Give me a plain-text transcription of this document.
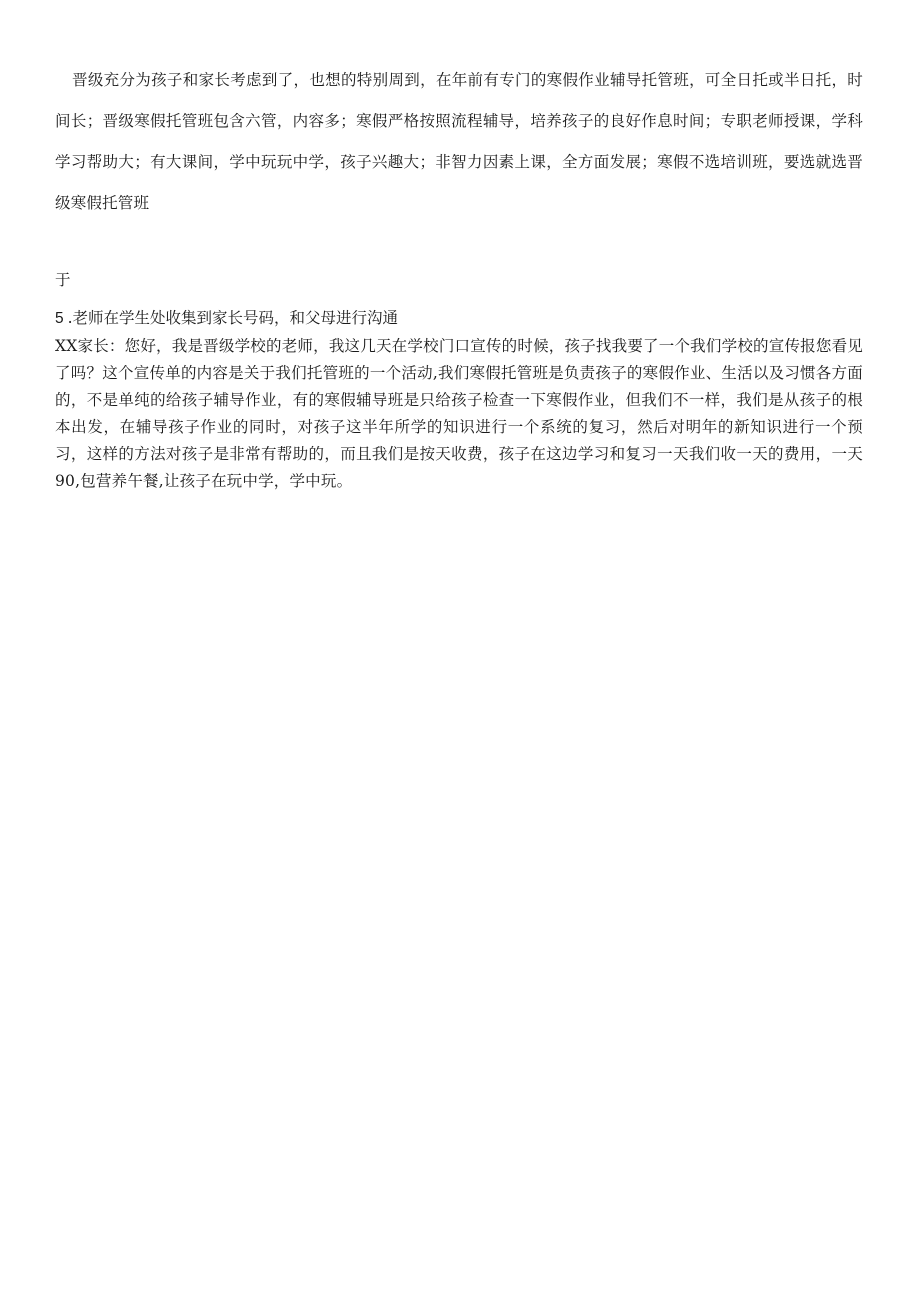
晋级充分为孩子和家长考虑到了，也想的特别周到，在年前有专门的寒假作业辅导托管班，可全日托或半日托，时间长；晋级寒假托管班包含六管，内容多；寒假严格按照流程辅导，培养孩子的良好作息时间；专职老师授课，学科学习帮助大；有大课间，学中玩玩中学，孩子兴趣大；非智力因素上课，全方面发展；寒假不选培训班，要选就选晋级寒假托管班

于

5 .老师在学生处收集到家长号码，和父母进行沟通

XX家长：您好，我是晋级学校的老师，我这几天在学校门口宣传的时候，孩子找我要了一个我们学校的宣传报您看见了吗？这个宣传单的内容是关于我们托管班的一个活动,我们寒假托管班是负责孩子的寒假作业、生活以及习惯各方面的，不是单纯的给孩子辅导作业，有的寒假辅导班是只给孩子检查一下寒假作业，但我们不一样，我们是从孩子的根本出发，在辅导孩子作业的同时，对孩子这半年所学的知识进行一个系统的复习，然后对明年的新知识进行一个预习，这样的方法对孩子是非常有帮助的，而且我们是按天收费，孩子在这边学习和复习一天我们收一天的费用，一天90,包营养午餐,让孩子在玩中学，学中玩。
